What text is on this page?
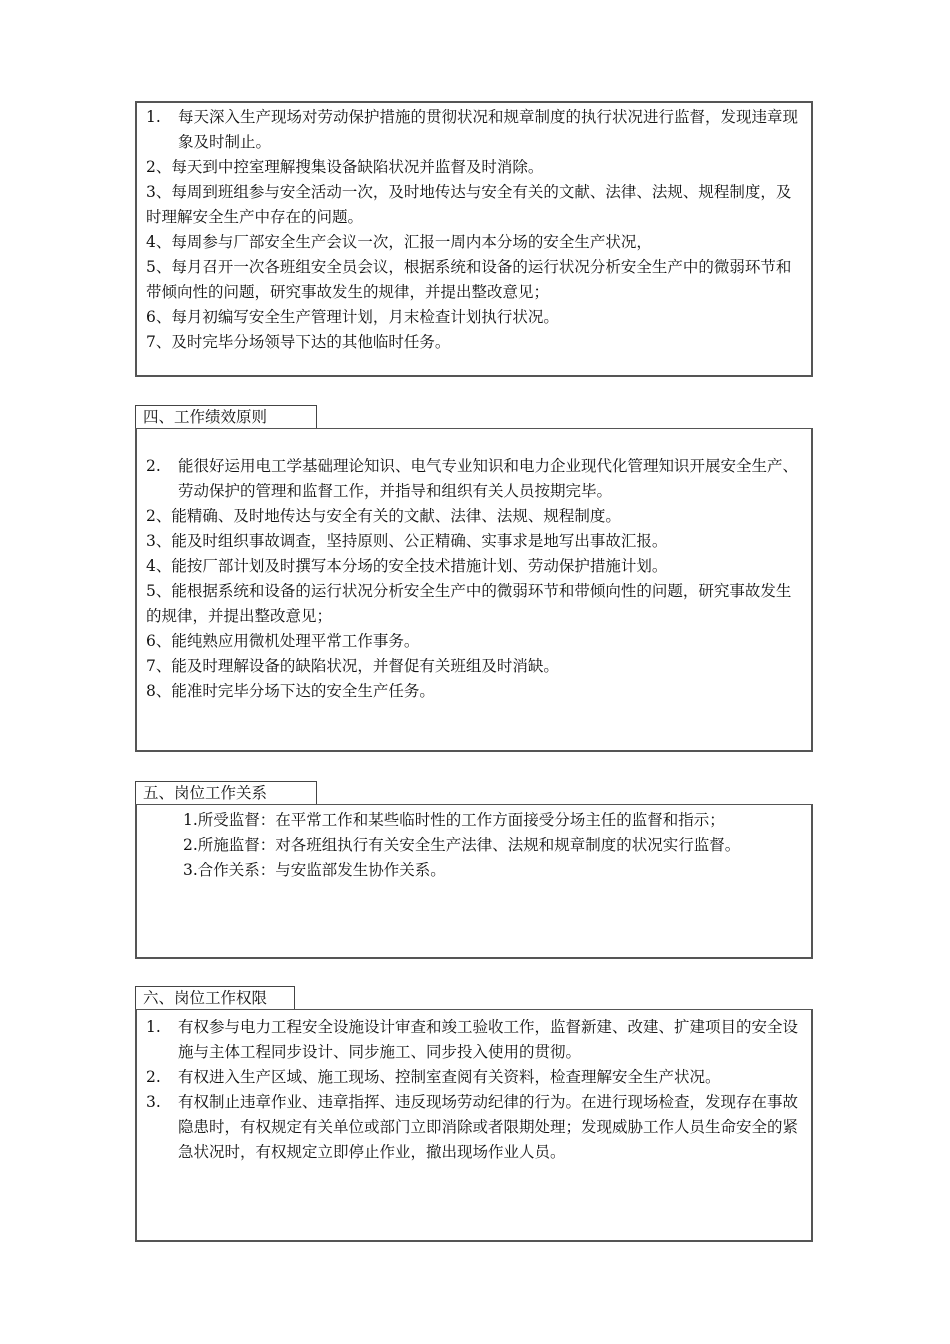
1. 每天深入生产现场对劳动保护措施的贯彻状况和规章制度的执行状况进行监督，发现违章现象及时制止。
2、每天到中控室理解搜集设备缺陷状况并监督及时消除。
3、每周到班组参与安全活动一次，及时地传达与安全有关的文献、法律、法规、规程制度，及时理解安全生产中存在的问题。
4、每周参与厂部安全生产会议一次，汇报一周内本分场的安全生产状况，
5、每月召开一次各班组安全员会议，根据系统和设备的运行状况分析安全生产中的微弱环节和带倾向性的问题，研究事故发生的规律，并提出整改意见；
6、每月初编写安全生产管理计划，月末检查计划执行状况。
7、及时完毕分场领导下达的其他临时任务。
四、工作绩效原则
2. 能很好运用电工学基础理论知识、电气专业知识和电力企业现代化管理知识开展安全生产、劳动保护的管理和监督工作，并指导和组织有关人员按期完毕。
2、能精确、及时地传达与安全有关的文献、法律、法规、规程制度。
3、能及时组织事故调查，坚持原则、公正精确、实事求是地写出事故汇报。
4、能按厂部计划及时撰写本分场的安全技术措施计划、劳动保护措施计划。
5、能根据系统和设备的运行状况分析安全生产中的微弱环节和带倾向性的问题，研究事故发生的规律，并提出整改意见；
6、能纯熟应用微机处理平常工作事务。
7、能及时理解设备的缺陷状况，并督促有关班组及时消缺。
8、能准时完毕分场下达的安全生产任务。
五、岗位工作关系
1.所受监督：在平常工作和某些临时性的工作方面接受分场主任的监督和指示；
2.所施监督：对各班组执行有关安全生产法律、法规和规章制度的状况实行监督。
3.合作关系：与安监部发生协作关系。
六、岗位工作权限
1. 有权参与电力工程安全设施设计审查和竣工验收工作，监督新建、改建、扩建项目的安全设施与主体工程同步设计、同步施工、同步投入使用的贯彻。
2. 有权进入生产区域、施工现场、控制室查阅有关资料，检查理解安全生产状况。
3. 有权制止违章作业、违章指挥、违反现场劳动纪律的行为。在进行现场检查，发现存在事故隐患时，有权规定有关单位或部门立即消除或者限期处理；发现威胁工作人员生命安全的紧急状况时，有权规定立即停止作业，撤出现场作业人员。
